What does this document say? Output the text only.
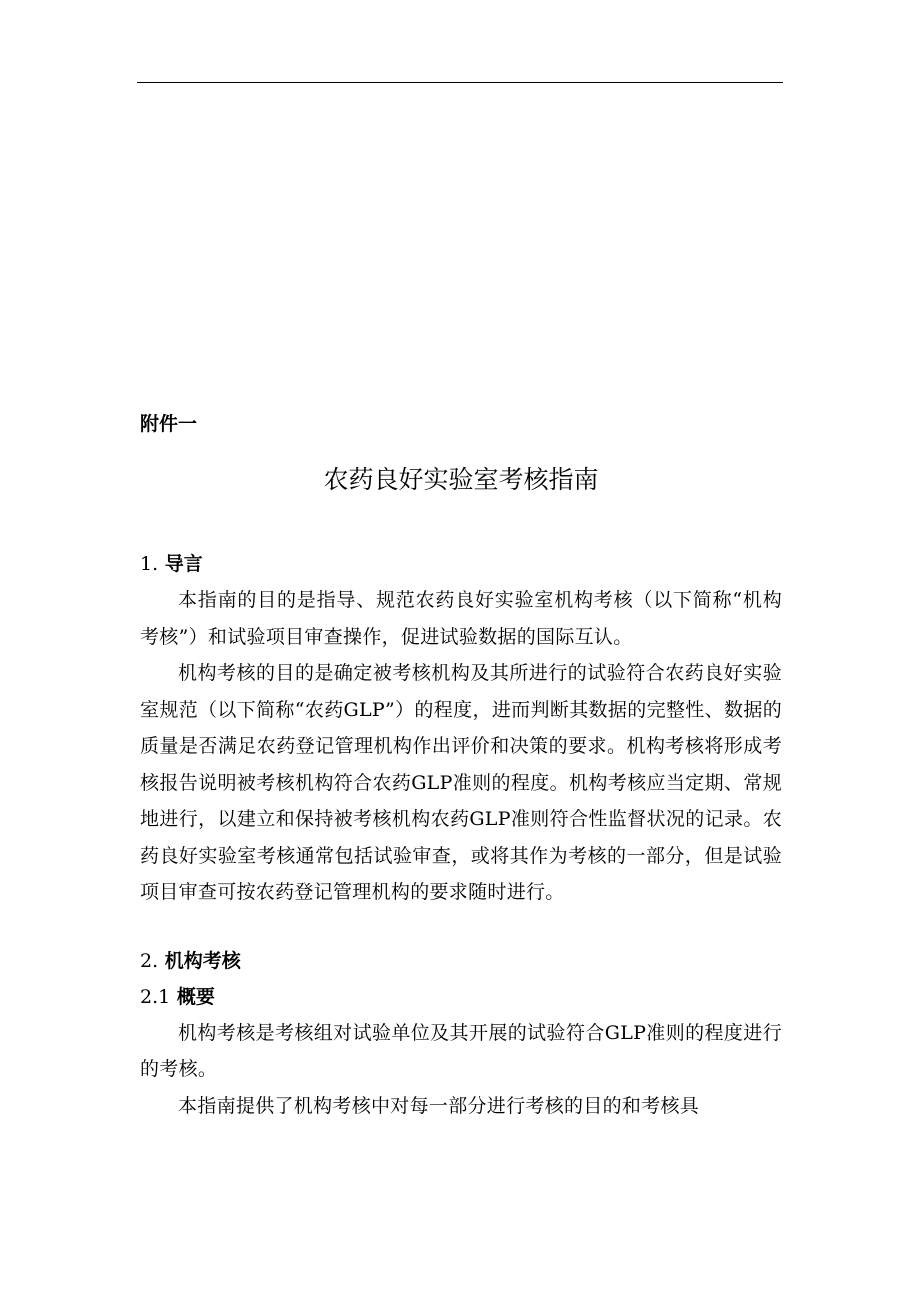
附件一
农药良好实验室考核指南
1. 导言

本指南的目的是指导、规范农药良好实验室机构考核（以下简称“机构考核”）和试验项目审查操作，促进试验数据的国际互认。

机构考核的目的是确定被考核机构及其所进行的试验符合农药良好实验室规范（以下简称“农药GLP”）的程度，进而判断其数据的完整性、数据的质量是否满足农药登记管理机构作出评价和决策的要求。机构考核将形成考核报告说明被考核机构符合农药GLP准则的程度。机构考核应当定期、常规地进行，以建立和保持被考核机构农药GLP准则符合性监督状况的记录。农药良好实验室考核通常包括试验审查，或将其作为考核的一部分，但是试验项目审查可按农药登记管理机构的要求随时进行。

2. 机构考核
2.1 概要

机构考核是考核组对试验单位及其开展的试验符合GLP准则的程度进行的考核。

本指南提供了机构考核中对每一部分进行考核的目的和考核具
